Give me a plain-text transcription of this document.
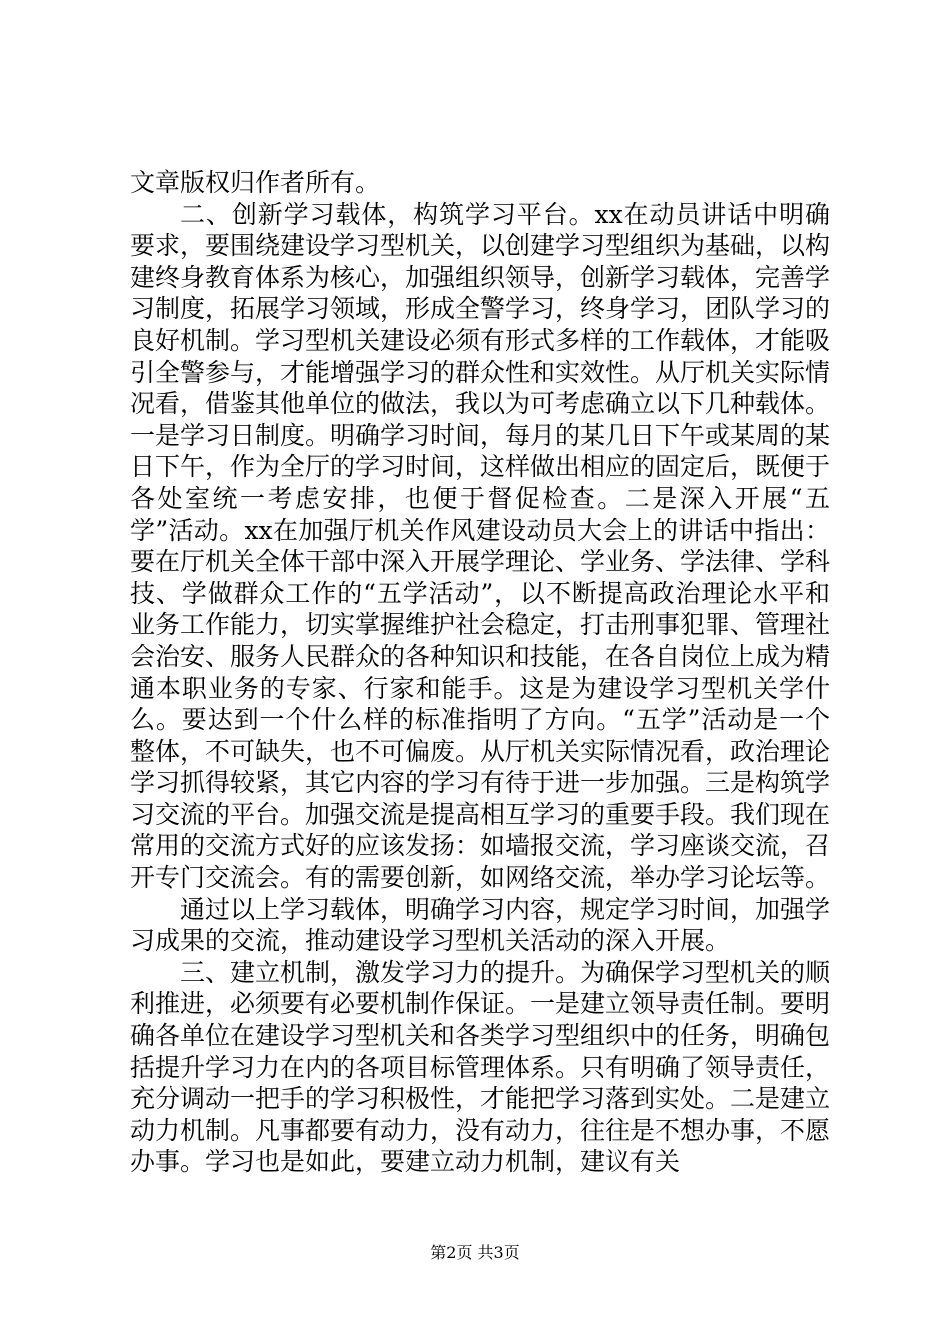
文章版权归作者所有。

二、创新学习载体，构筑学习平台。xx在动员讲话中明确要求，要围绕建设学习型机关，以创建学习型组织为基础，以构建终身教育体系为核心，加强组织领导，创新学习载体，完善学习制度，拓展学习领域，形成全警学习，终身学习，团队学习的良好机制。学习型机关建设必须有形式多样的工作载体，才能吸引全警参与，才能增强学习的群众性和实效性。从厅机关实际情况看，借鉴其他单位的做法，我以为可考虑确立以下几种载体。一是学习日制度。明确学习时间，每月的某几日下午或某周的某日下午，作为全厅的学习时间，这样做出相应的固定后，既便于各处室统一考虑安排，也便于督促检查。二是深入开展“五学”活动。xx在加强厅机关作风建设动员大会上的讲话中指出：要在厅机关全体干部中深入开展学理论、学业务、学法律、学科技、学做群众工作的“五学活动”，以不断提高政治理论水平和业务工作能力，切实掌握维护社会稳定，打击刑事犯罪、管理社会治安、服务人民群众的各种知识和技能，在各自岗位上成为精通本职业务的专家、行家和能手。这是为建设学习型机关学什么。要达到一个什么样的标准指明了方向。“五学”活动是一个整体，不可缺失，也不可偏废。从厅机关实际情况看，政治理论学习抓得较紧，其它内容的学习有待于进一步加强。三是构筑学习交流的平台。加强交流是提高相互学习的重要手段。我们现在常用的交流方式好的应该发扬：如墙报交流，学习座谈交流，召开专门交流会。有的需要创新，如网络交流，举办学习论坛等。

通过以上学习载体，明确学习内容，规定学习时间，加强学习成果的交流，推动建设学习型机关活动的深入开展。

三、建立机制，激发学习力的提升。为确保学习型机关的顺利推进，必须要有必要机制作保证。一是建立领导责任制。要明确各单位在建设学习型机关和各类学习型组织中的任务，明确包括提升学习力在内的各项目标管理体系。只有明确了领导责任，充分调动一把手的学习积极性，才能把学习落到实处。二是建立动力机制。凡事都要有动力，没有动力，往往是不想办事，不愿办事。学习也是如此，要建立动力机制，建议有关

第2页 共3页
